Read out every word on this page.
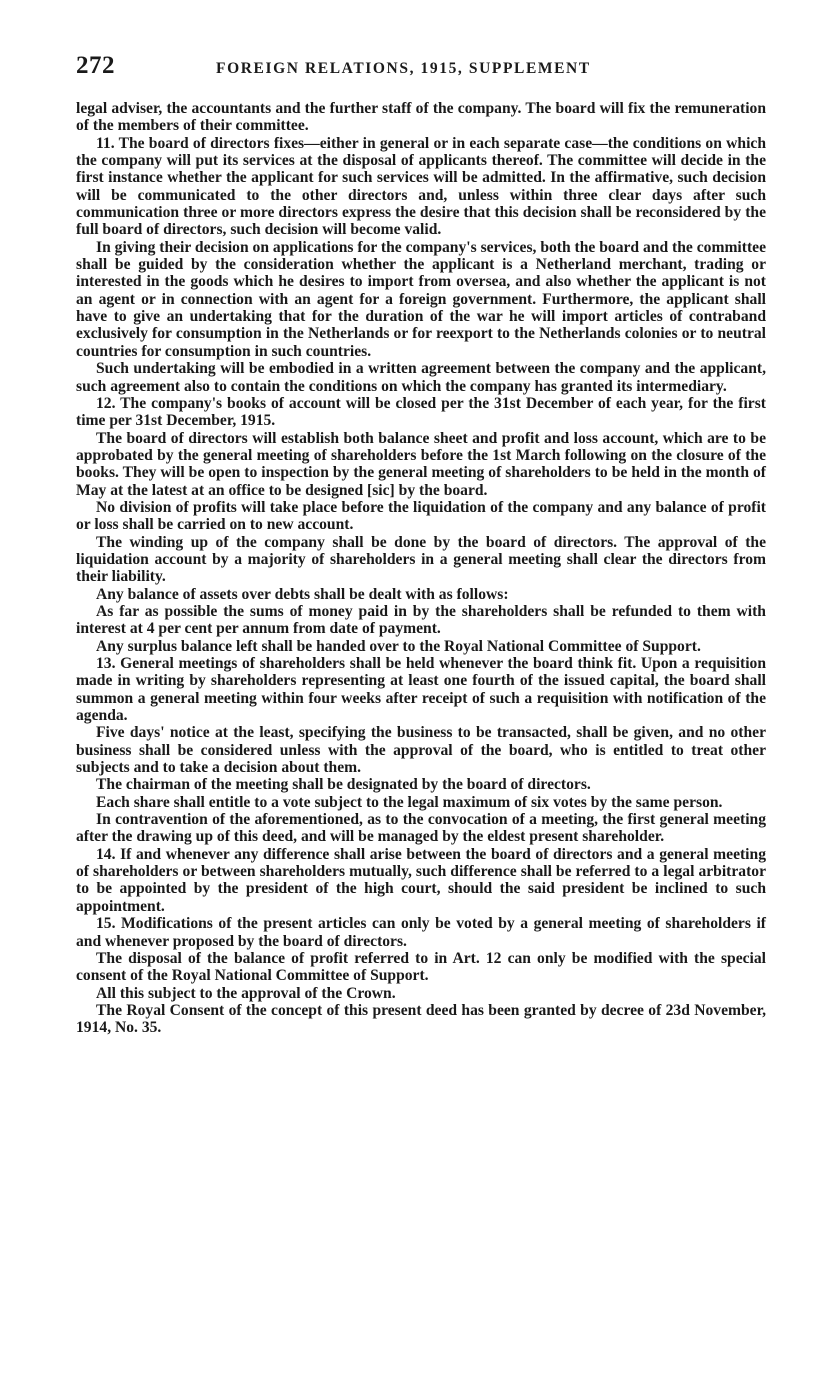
272	FOREIGN RELATIONS, 1915, SUPPLEMENT

legal adviser, the accountants and the further staff of the company. The board will fix the remuneration of the members of their committee.

11. The board of directors fixes—either in general or in each separate case—the conditions on which the company will put its services at the disposal of applicants thereof. The committee will decide in the first instance whether the applicant for such services will be admitted. In the affirmative, such decision will be communicated to the other directors and, unless within three clear days after such communication three or more directors express the desire that this decision shall be reconsidered by the full board of directors, such decision will become valid.

In giving their decision on applications for the company's services, both the board and the committee shall be guided by the consideration whether the applicant is a Netherland merchant, trading or interested in the goods which he desires to import from oversea, and also whether the applicant is not an agent or in connection with an agent for a foreign government. Furthermore, the applicant shall have to give an undertaking that for the duration of the war he will import articles of contraband exclusively for consumption in the Netherlands or for reexport to the Netherlands colonies or to neutral countries for consumption in such countries.

Such undertaking will be embodied in a written agreement between the company and the applicant, such agreement also to contain the conditions on which the company has granted its intermediary.

12. The company's books of account will be closed per the 31st December of each year, for the first time per 31st December, 1915.

The board of directors will establish both balance sheet and profit and loss account, which are to be approbated by the general meeting of shareholders before the 1st March following on the closure of the books. They will be open to inspection by the general meeting of shareholders to be held in the month of May at the latest at an office to be designed [sic] by the board.

No division of profits will take place before the liquidation of the company and any balance of profit or loss shall be carried on to new account.

The winding up of the company shall be done by the board of directors. The approval of the liquidation account by a majority of shareholders in a general meeting shall clear the directors from their liability.

Any balance of assets over debts shall be dealt with as follows:

As far as possible the sums of money paid in by the shareholders shall be refunded to them with interest at 4 per cent per annum from date of payment.

Any surplus balance left shall be handed over to the Royal National Committee of Support.

13. General meetings of shareholders shall be held whenever the board think fit. Upon a requisition made in writing by shareholders representing at least one fourth of the issued capital, the board shall summon a general meeting within four weeks after receipt of such a requisition with notification of the agenda.

Five days' notice at the least, specifying the business to be transacted, shall be given, and no other business shall be considered unless with the approval of the board, who is entitled to treat other subjects and to take a decision about them.

The chairman of the meeting shall be designated by the board of directors.

Each share shall entitle to a vote subject to the legal maximum of six votes by the same person.

In contravention of the aforementioned, as to the convocation of a meeting, the first general meeting after the drawing up of this deed, and will be managed by the eldest present shareholder.

14. If and whenever any difference shall arise between the board of directors and a general meeting of shareholders or between shareholders mutually, such difference shall be referred to a legal arbitrator to be appointed by the president of the high court, should the said president be inclined to such appointment.

15. Modifications of the present articles can only be voted by a general meeting of shareholders if and whenever proposed by the board of directors.

The disposal of the balance of profit referred to in Art. 12 can only be modified with the special consent of the Royal National Committee of Support.

All this subject to the approval of the Crown.

The Royal Consent of the concept of this present deed has been granted by decree of 23d November, 1914, No. 35.
